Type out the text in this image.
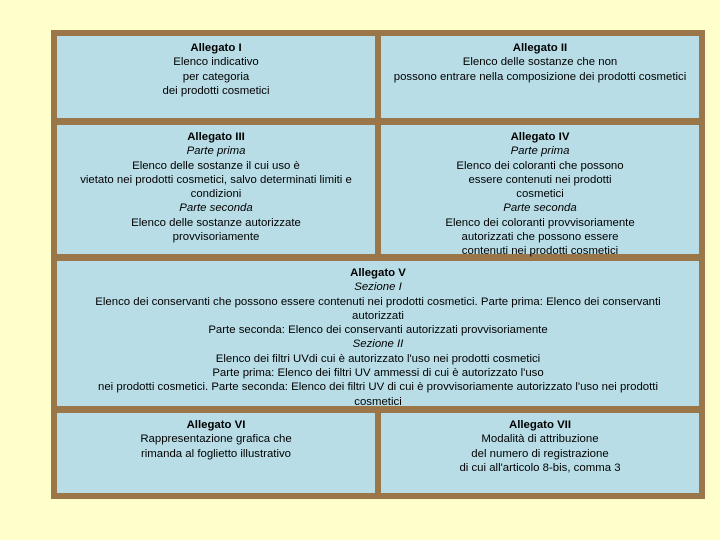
Allegato I
Elenco indicativo
per categoria
dei prodotti cosmetici
Allegato II
Elenco delle sostanze che non
possono entrare nella composizione dei prodotti cosmetici
Allegato III
Parte prima
Elenco delle sostanze il cui uso è
vietato nei prodotti cosmetici, salvo determinati limiti e
condizioni
Parte seconda
Elenco delle sostanze autorizzate
provvisoriamente
Allegato IV
Parte prima
Elenco dei coloranti che possono
essere contenuti nei prodotti
cosmetici
Parte seconda
Elenco dei coloranti provvisoriamente
autorizzati che possono essere
contenuti nei prodotti cosmetici
Allegato V
Sezione I
Elenco dei conservanti che possono essere contenuti nei prodotti cosmetici. Parte prima: Elenco dei conservanti
autorizzati
Parte seconda: Elenco dei conservanti autorizzati provvisoriamente
Sezione II
Elenco dei filtri UVdi cui è autorizzato l'uso nei prodotti cosmetici
Parte prima: Elenco dei filtri UV ammessi di cui è autorizzato l'uso
nei prodotti cosmetici. Parte seconda: Elenco dei filtri UV di cui è provvisoriamente autorizzato l'uso nei prodotti
cosmetici
Allegato VI
Rappresentazione grafica che
rimanda al foglietto illustrativo
Allegato VII
Modalità di attribuzione
del numero di registrazione
di cui all'articolo 8-bis, comma 3
